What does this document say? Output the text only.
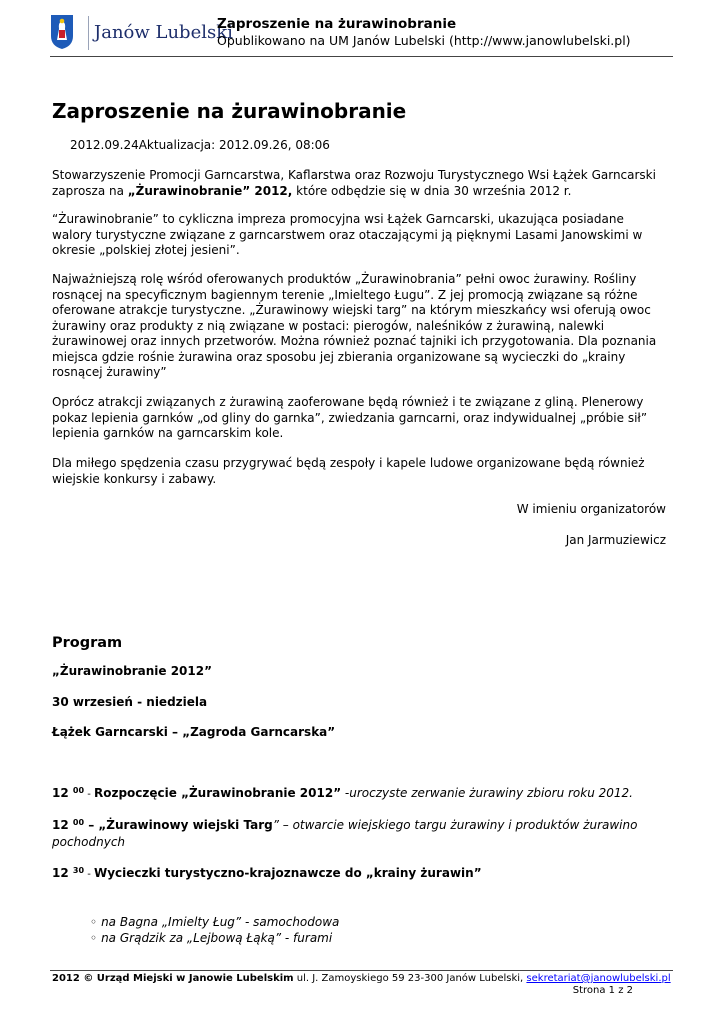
Janów Lubelski
Zaproszenie na żurawinobranie
Opublikowano na UM Janów Lubelski (http://www.janowlubelski.pl)
Zaproszenie na żurawinobranie
2012.09.24Aktualizacja: 2012.09.26, 08:06
Stowarzyszenie Promocji Garncarstwa, Kaflarstwa oraz Rozwoju Turystycznego Wsi Łążek Garncarski
zaprosza na „Żurawinobranie” 2012, które odbędzie się w dnia 30 września 2012 r.
“Żurawinobranie” to cykliczna impreza promocyjna wsi Łążek Garncarski, ukazująca posiadane
walory turystyczne związane z garncarstwem oraz otaczającymi ją pięknymi Lasami Janowskimi w
okresie „polskiej złotej jesieni”.
Najważniejszą rolę wśród oferowanych produktów „Żurawinobrania” pełni owoc żurawiny. Rośliny
rosnącej na specyficznym bagiennym terenie „Imieltego Ługu”. Z jej promocją związane są różne
oferowane atrakcje turystyczne. „Żurawinowy wiejski targ” na którym mieszkańcy wsi oferują owoc
żurawiny oraz produkty z nią związane w postaci: pierogów, naleśników z żurawiną, nalewki
żurawinowej oraz innych przetworów. Można również poznać tajniki ich przygotowania. Dla poznania
miejsca gdzie rośnie żurawina oraz sposobu jej zbierania organizowane są wycieczki do „krainy
rosnącej żurawiny”
Oprócz atrakcji związanych z żurawiną zaoferowane będą również i te związane z gliną. Plenerowy
pokaz lepienia garnków „od gliny do garnka”, zwiedzania garncarni, oraz indywidualnej „próbie sił”
lepienia garnków na garncarskim kole.
Dla miłego spędzenia czasu przygrywać będą zespoły i kapele ludowe organizowane będą również
wiejskie konkursy i zabawy.
W imieniu organizatorów
Jan Jarmuziewicz
Program
„Żurawinobranie 2012”
30 wrzesień - niedziela
Łążek Garncarski – „Zagroda Garncarska”
12 $^{00}$ - Rozpoczęcie „Żurawinobranie 2012” -uroczyste zerwanie żurawiny zbioru roku 2012.
12 $^{00}$ – „Żurawinowy wiejski Targ” – otwarcie wiejskiego targu żurawiny i produktów żurawino
pochodnych
12 $^{30}$ - Wycieczki turystyczno-krajoznawcze do „krainy żurawin”
◦ na Bagna „Imielty Ług” - samochodowa
◦ na Grądzik za „Lejbową Łąką” - furami
2012 © Urząd Miejski w Janowie Lubelskim ul. J. Zamoyskiego 59 23-300 Janów Lubelski, sekretariat@janowlubelski.pl
Strona 1 z 2
